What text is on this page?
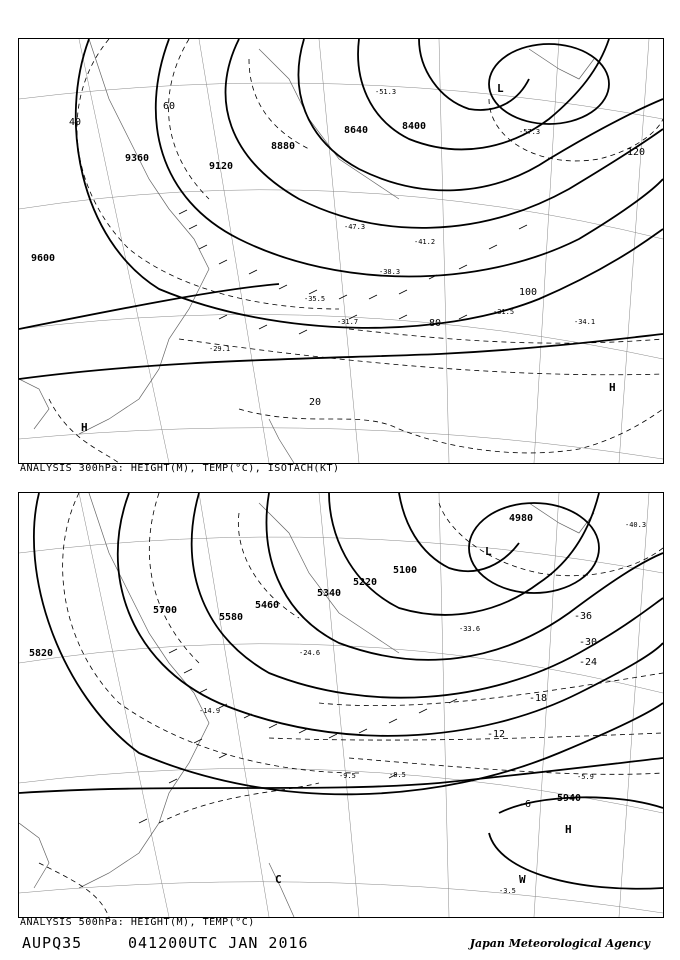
9600
9360
9120
8880
8640	8400
20
40
60
80
100
120
-57.3
-51.3
-47.3
-41.2
-38.3
-35.5
-31.7
-29.1
-34.1
-31.5
L
H
H
ANALYSIS 300hPa: HEIGHT(M), TEMP(°C), ISOTACH(KT)
5820
5700
5580
5460
5340
5220
5100
4980
5940
-36
-30
-24
-18
-12
-6
-40.3
-33.6
-24.6
-14.9
-9.5	-8.5	-5.9
-3.5
L
H
W
C
ANALYSIS 500hPa: HEIGHT(M), TEMP(°C)
AUPQ35	041200UTC JAN 2016	Japan Meteorological Agency
